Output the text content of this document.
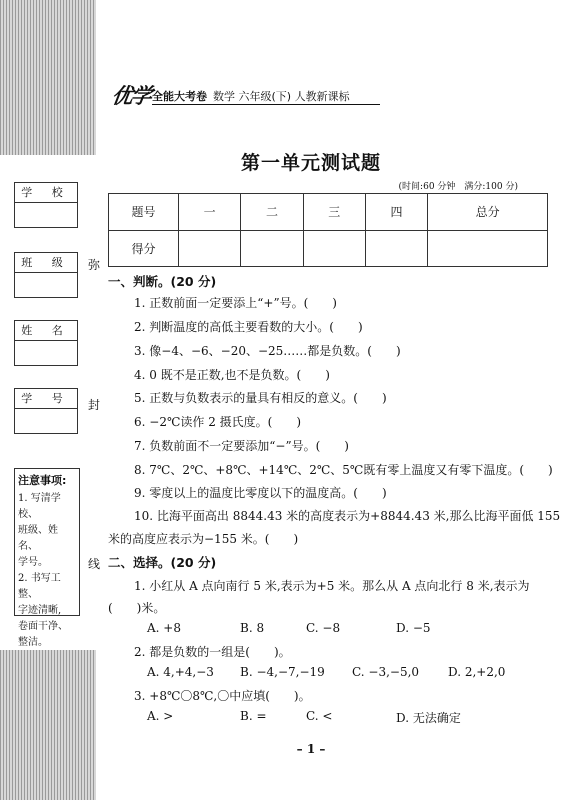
学 校
班 级
姓 名
学 号
注意事项:
1. 写清学校、
班级、姓名、
学号。
2. 书写工整、
字迹清晰,
卷面干净、
整洁。
弥
封
线
优学 全能大考卷 数学 六年级(下) 人教新课标
第一单元测试题
(时间:60 分钟　满分:100 分)
题号	一	二	三	四	总分
得分					
一、判断。(20 分)
1. 正数前面一定要添上“+”号。(　　)
2. 判断温度的高低主要看数的大小。(　　)
3. 像−4、−6、−20、−25……都是负数。(　　)
4. 0 既不是正数,也不是负数。(　　)
5. 正数与负数表示的量具有相反的意义。(　　)
6. −2℃读作 2 摄氏度。(　　)
7. 负数前面不一定要添加“−”号。(　　)
8. 7℃、2℃、+8℃、+14℃、2℃、5℃既有零上温度又有零下温度。(　　)
9. 零度以上的温度比零度以下的温度高。(　　)
10. 比海平面高出 8844.43 米的高度表示为+8844.43 米,那么比海平面低 155
米的高度应表示为−155 米。(　　)
二、选择。(20 分)
1. 小红从 A 点向南行 5 米,表示为+5 米。那么从 A 点向北行 8 米,表示为
(　　)米。
A. +8	B. 8	C. −8	D. −5
2. 都是负数的一组是(　　)。
A. 4,+4,−3 B. −4,−7,−19 C. −3,−5,0 D. 2,+2,0
3. +8℃〇8℃,〇中应填(　　)。
A. >	B. =	C. <	D. 无法确定
– 1 –
